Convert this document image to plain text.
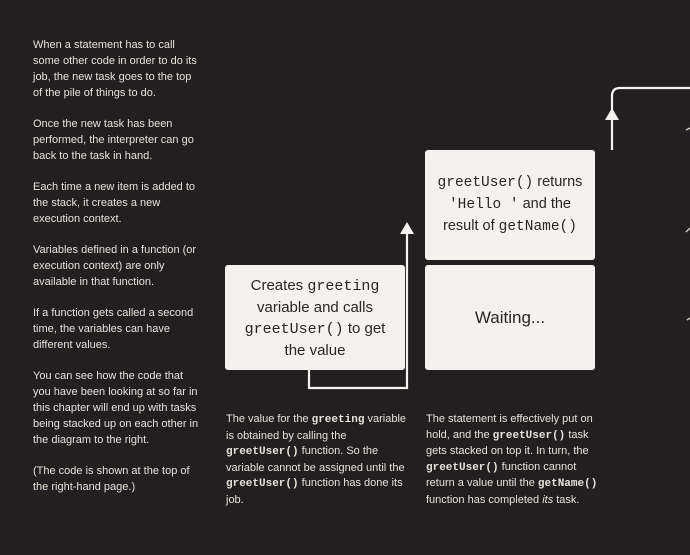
When a statement has to call some other code in order to do its job, the new task goes to the top of the pile of things to do.

Once the new task has been performed, the interpreter can go back to the task in hand.

Each time a new item is added to the stack, it creates a new execution context.

Variables defined in a function (or execution context) are only available in that function.

If a function gets called a second time, the variables can have different values.

You can see how the code that you have been looking at so far in this chapter will end up with tasks being stacked up on each other in the diagram to the right.

(The code is shown at the top of the right-hand page.)

Creates greeting variable and calls greetUser() to get the value
greetUser() returns 'Hello ' and the result of getName()
Waiting...
The value for the greeting variable is obtained by calling the greetUser() function. So the variable cannot be assigned until the greetUser() function has done its job.
The statement is effectively put on hold, and the greetUser() task gets stacked on top it. In turn, the greetUser() function cannot return a value until the getName() function has completed its task.
